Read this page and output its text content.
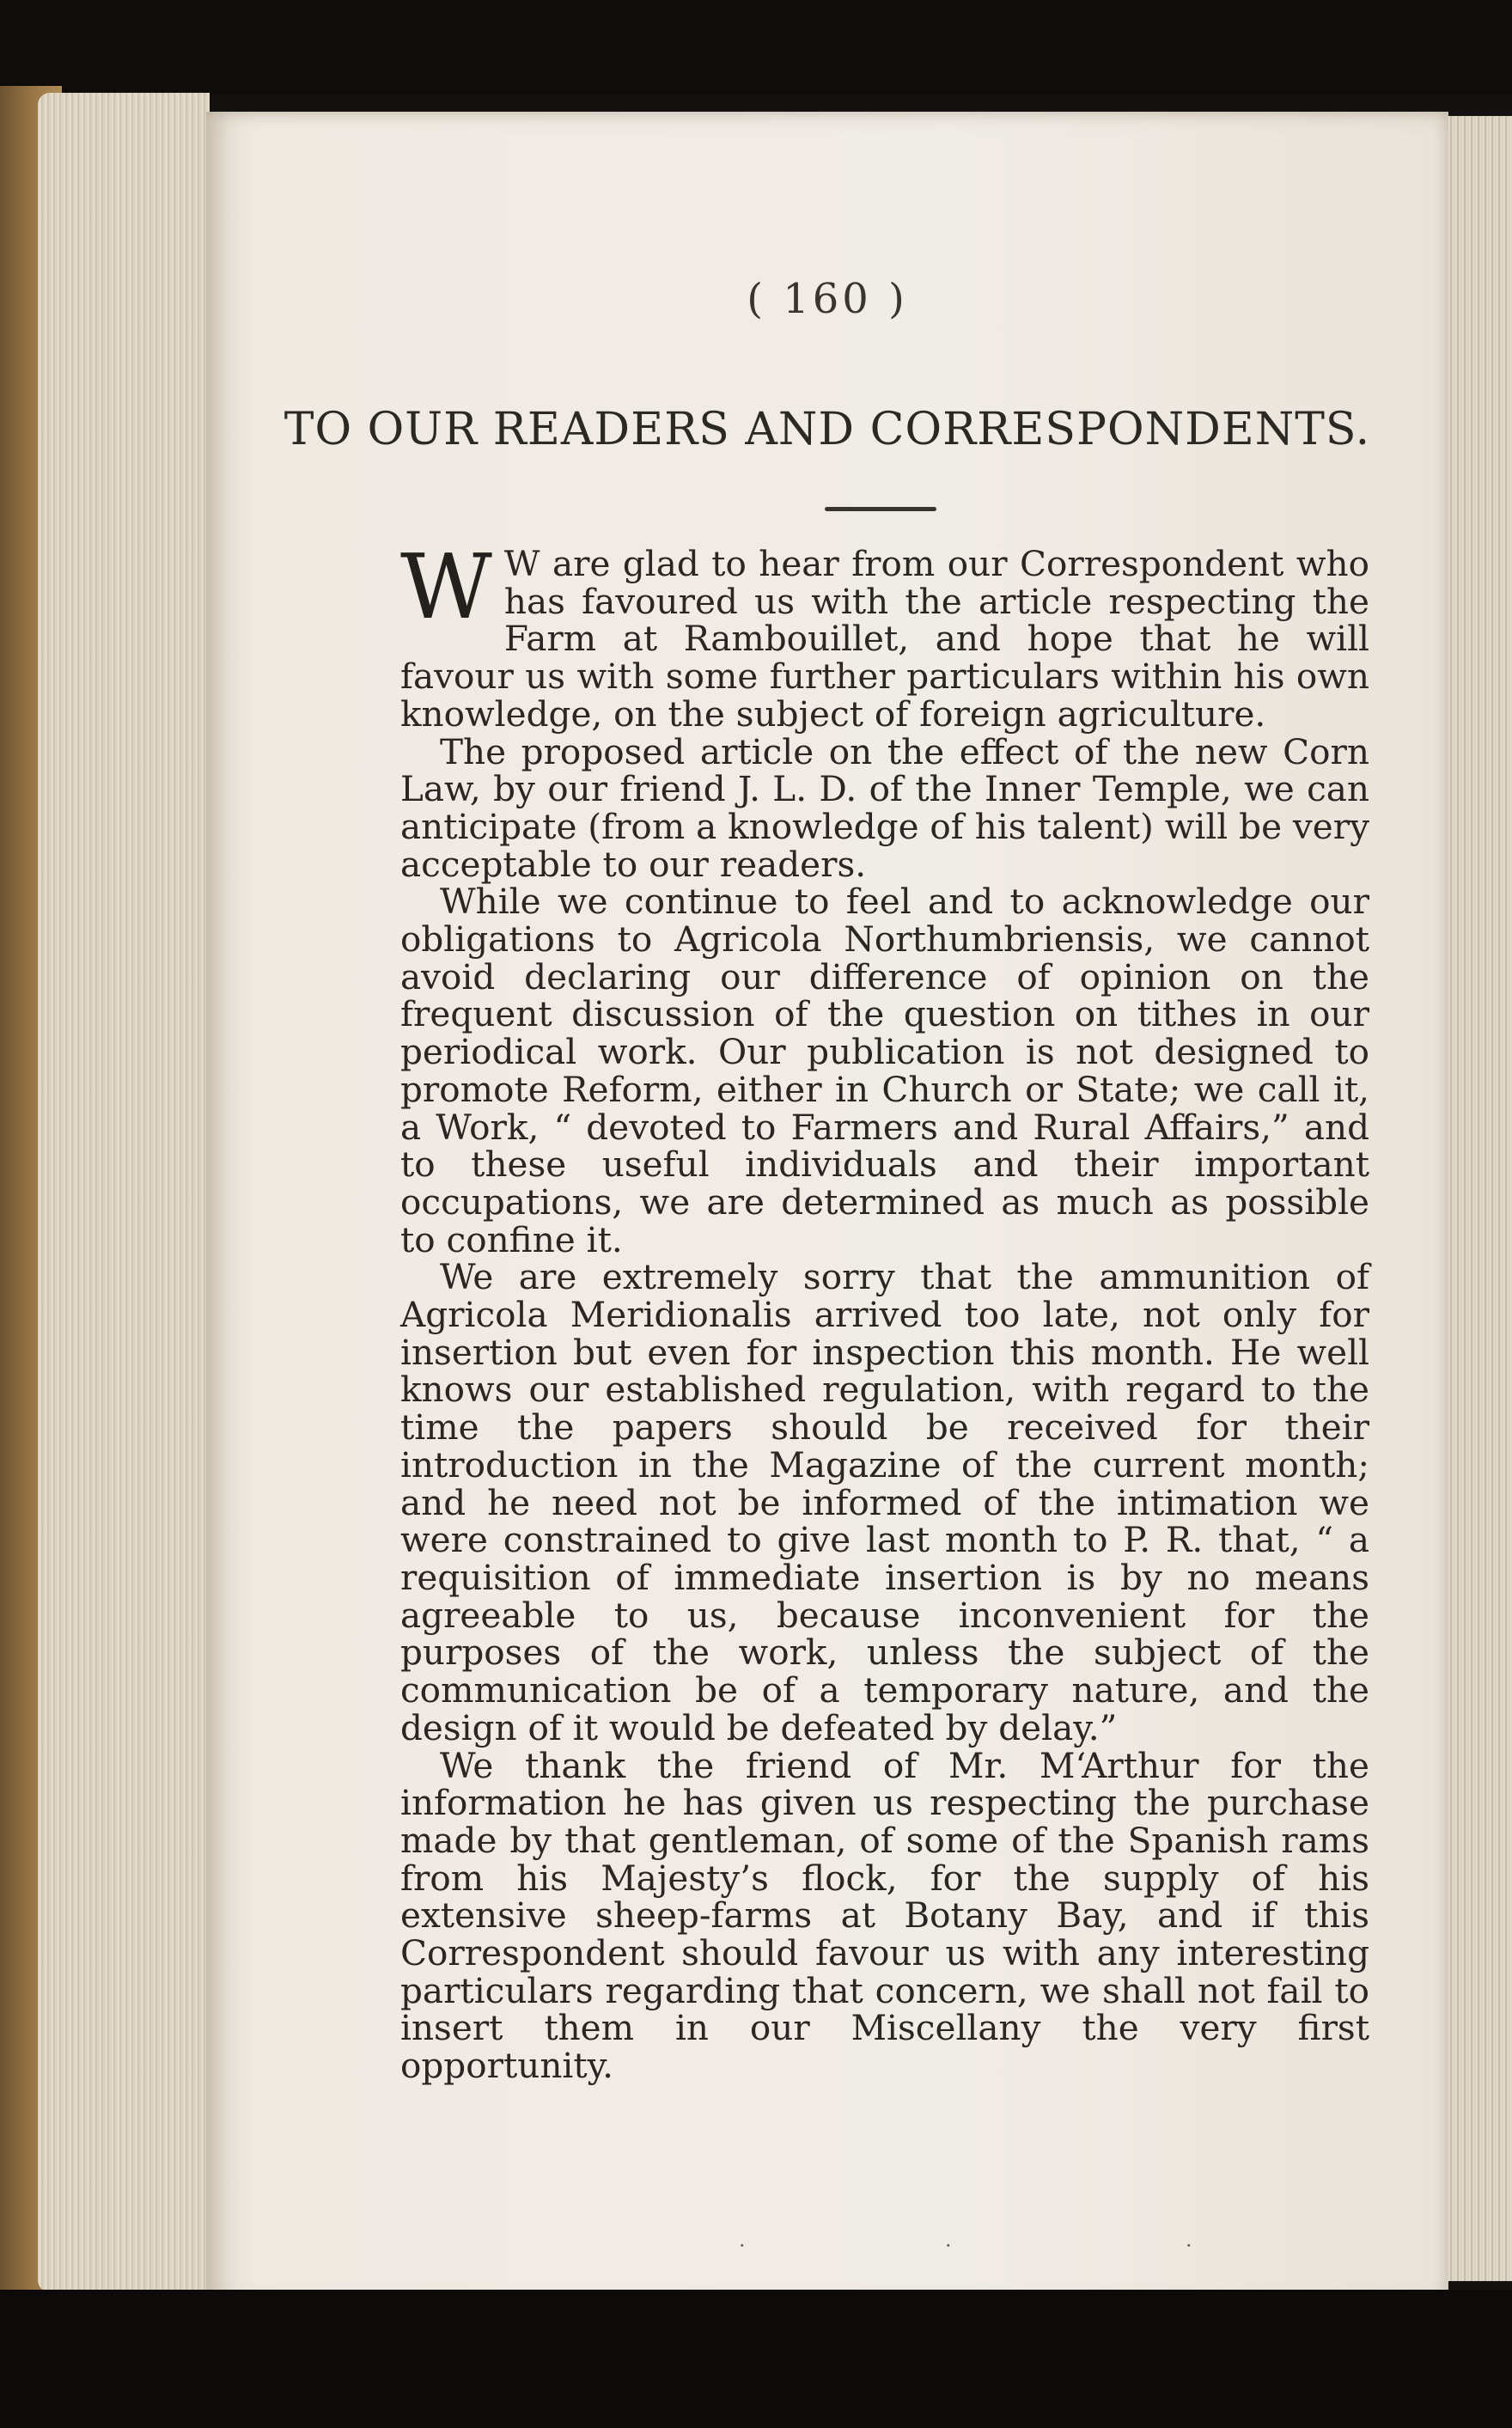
( 160 )
TO OUR READERS AND CORRESPONDENTS.

W W are glad to hear from our Correspondent who has favoured us with the article respecting the Farm at Rambouillet, and hope that he will favour us with some further particulars within his own knowledge, on the subject of foreign agriculture.

The proposed article on the effect of the new Corn Law, by our friend J. L. D. of the Inner Temple, we can anticipate (from a knowledge of his talent) will be very acceptable to our readers.

While we continue to feel and to acknowledge our obligations to Agricola Northumbriensis, we cannot avoid declaring our difference of opinion on the frequent discussion of the question on tithes in our periodical work. Our publication is not designed to promote Reform, either in Church or State; we call it, a Work, “ devoted to Farmers and Rural Affairs,” and to these useful individuals and their important occupations, we are determined as much as possible to confine it.

We are extremely sorry that the ammunition of Agricola Meridionalis arrived too late, not only for insertion but even for inspection this month. He well knows our established regulation, with regard to the time the papers should be received for their introduction in the Magazine of the current month; and he need not be informed of the intimation we were constrained to give last month to P. R. that, “ a requisition of immediate insertion is by no means agreeable to us, because inconvenient for the purposes of the work, unless the subject of the communication be of a temporary nature, and the design of it would be defeated by delay.”

We thank the friend of Mr. M‘Arthur for the information he has given us respecting the purchase made by that gentleman, of some of the Spanish rams from his Majesty’s flock, for the supply of his extensive sheep-farms at Botany Bay, and if this Correspondent should favour us with any interesting particulars regarding that concern, we shall not fail to insert them in our Miscellany the very first opportunity.

·	·	·
